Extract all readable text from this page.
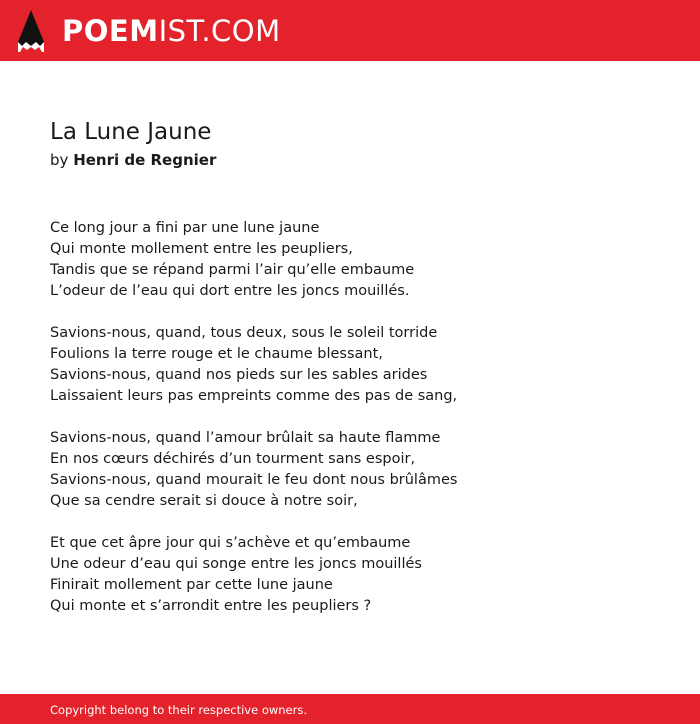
POEMIST.COM
La Lune Jaune
by Henri de Regnier
Ce long jour a fini par une lune jaune
Qui monte mollement entre les peupliers,
Tandis que se répand parmi l’air qu’elle embaume
L’odeur de l’eau qui dort entre les joncs mouillés.
Savions-nous, quand, tous deux, sous le soleil torride
Foulions la terre rouge et le chaume blessant,
Savions-nous, quand nos pieds sur les sables arides
Laissaient leurs pas empreints comme des pas de sang,
Savions-nous, quand l’amour brûlait sa haute flamme
En nos cœurs déchirés d’un tourment sans espoir,
Savions-nous, quand mourait le feu dont nous brûlâmes
Que sa cendre serait si douce à notre soir,
Et que cet âpre jour qui s’achève et qu’embaume
Une odeur d’eau qui songe entre les joncs mouillés
Finirait mollement par cette lune jaune
Qui monte et s’arrondit entre les peupliers ?
Copyright belong to their respective owners.
